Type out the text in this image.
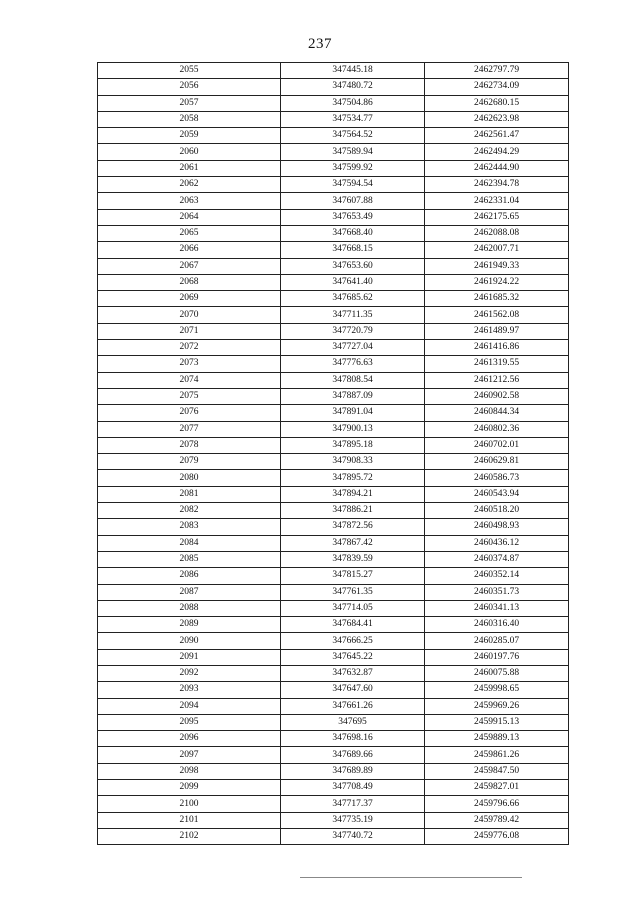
237
2055	347445.18	2462797.79
2056	347480.72	2462734.09
2057	347504.86	2462680.15
2058	347534.77	2462623.98
2059	347564.52	2462561.47
2060	347589.94	2462494.29
2061	347599.92	2462444.90
2062	347594.54	2462394.78
2063	347607.88	2462331.04
2064	347653.49	2462175.65
2065	347668.40	2462088.08
2066	347668.15	2462007.71
2067	347653.60	2461949.33
2068	347641.40	2461924.22
2069	347685.62	2461685.32
2070	347711.35	2461562.08
2071	347720.79	2461489.97
2072	347727.04	2461416.86
2073	347776.63	2461319.55
2074	347808.54	2461212.56
2075	347887.09	2460902.58
2076	347891.04	2460844.34
2077	347900.13	2460802.36
2078	347895.18	2460702.01
2079	347908.33	2460629.81
2080	347895.72	2460586.73
2081	347894.21	2460543.94
2082	347886.21	2460518.20
2083	347872.56	2460498.93
2084	347867.42	2460436.12
2085	347839.59	2460374.87
2086	347815.27	2460352.14
2087	347761.35	2460351.73
2088	347714.05	2460341.13
2089	347684.41	2460316.40
2090	347666.25	2460285.07
2091	347645.22	2460197.76
2092	347632.87	2460075.88
2093	347647.60	2459998.65
2094	347661.26	2459969.26
2095	347695	2459915.13
2096	347698.16	2459889.13
2097	347689.66	2459861.26
2098	347689.89	2459847.50
2099	347708.49	2459827.01
2100	347717.37	2459796.66
2101	347735.19	2459789.42
2102	347740.72	2459776.08
